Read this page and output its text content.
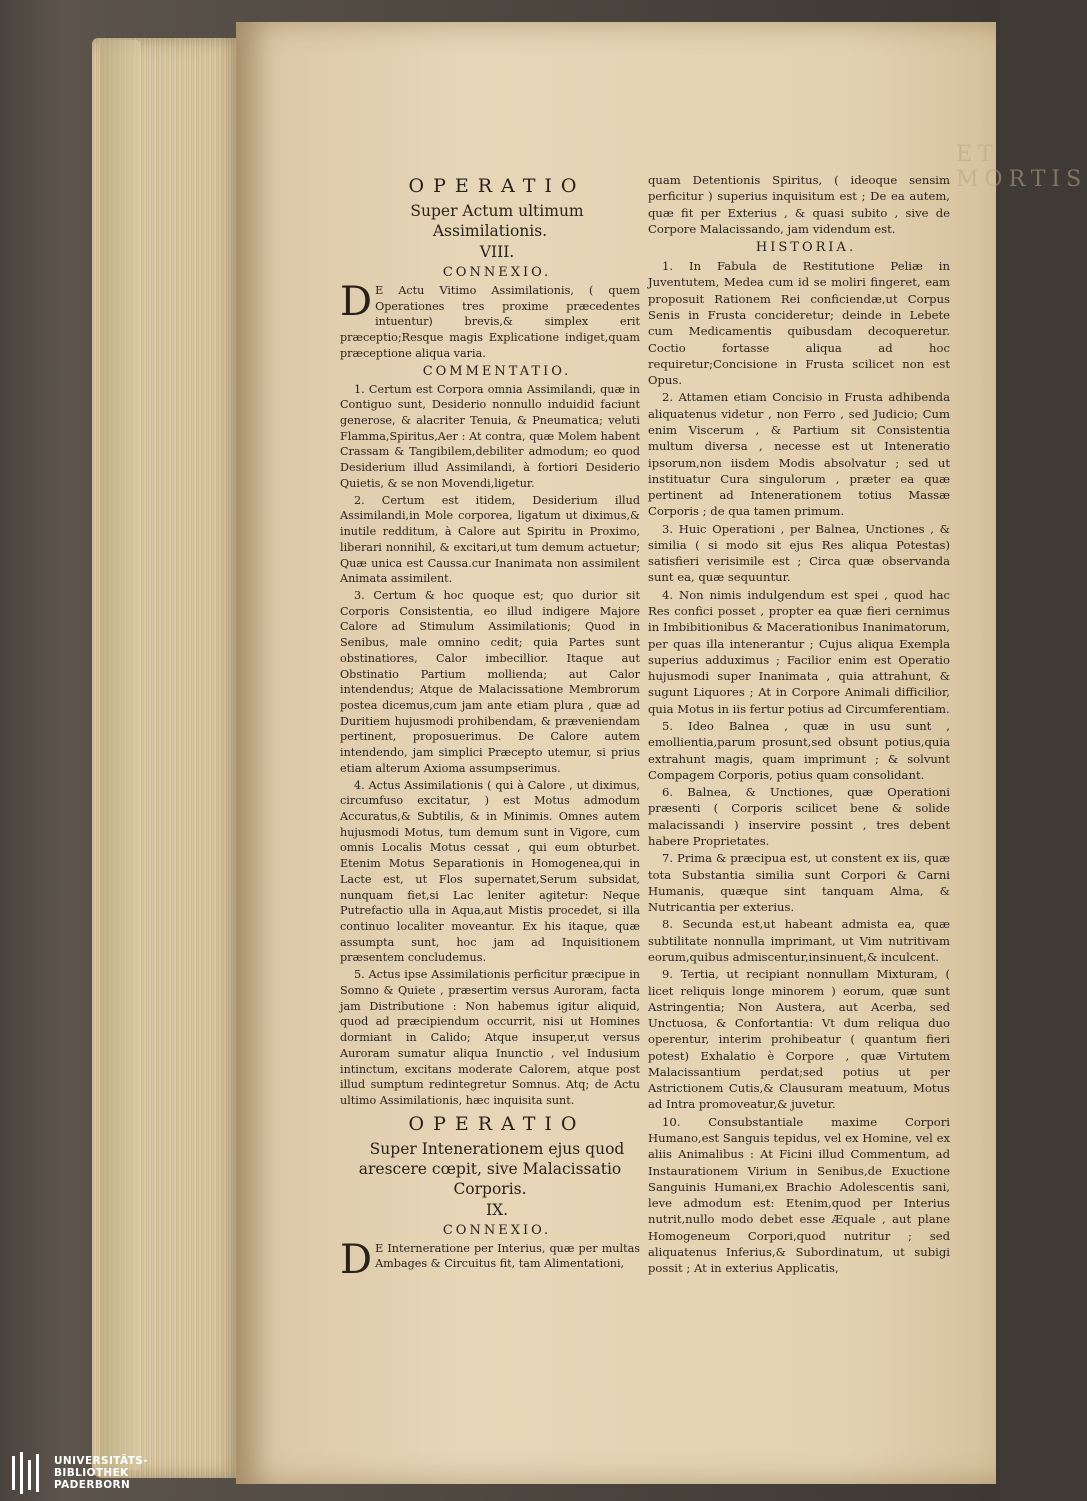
ET MORTIS

OPERATIO

Super Actum ultimum Assimilationis.

VIII.

CONNEXIO.

D E Actu Vitimo Assimilationis, ( quem Operationes tres proxime præcedentes intuentur) brevis,& simplex erit præceptio;Resque magis Explicatione indiget,quam præceptione aliqua varia.

COMMENTATIO.

1. Certum est Corpora omnia Assimilandi, quæ in Contiguo sunt, Desiderio nonnullo induidid faciunt generose, & alacriter Tenuia, & Pneumatica; veluti Flamma,Spiritus,Aer : At contra, quæ Molem habent Crassam & Tangibilem,debiliter admodum; eo quod Desiderium illud Assimilandi, à fortiori Desiderio Quietis, & se non Movendi,ligetur.

2. Certum est itidem, Desiderium illud Assimilandi,in Mole corporea, ligatum ut diximus,& inutile redditum, à Calore aut Spiritu in Proximo, liberari nonnihil, & excitari,ut tum demum actuetur; Quæ unica est Caussa.cur Inanimata non assimilent Animata assimilent.

3. Certum & hoc quoque est; quo durior sit Corporis Consistentia, eo illud indigere Majore Calore ad Stimulum Assimilationis; Quod in Senibus, male omnino cedit; quia Partes sunt obstinatiores, Calor imbecillior. Itaque aut Obstinatio Partium mollienda; aut Calor intendendus; Atque de Malacissatione Membrorum postea dicemus,cum jam ante etiam plura , quæ ad Duritiem hujusmodi prohibendam, & præveniendam pertinent, proposuerimus. De Calore autem intendendo, jam simplici Præcepto utemur, si prius etiam alterum Axioma assumpserimus.

4. Actus Assimilationis ( qui à Calore , ut diximus, circumfuso excitatur, ) est Motus admodum Accuratus,& Subtilis, & in Minimis. Omnes autem hujusmodi Motus, tum demum sunt in Vigore, cum omnis Localis Motus cessat , qui eum obturbet. Etenim Motus Separationis in Homogenea,qui in Lacte est, ut Flos supernatet,Serum subsidat, nunquam fiet,si Lac leniter agitetur: Neque Putrefactio ulla in Aqua,aut Mistis procedet, si illa continuo localiter moveantur. Ex his itaque, quæ assumpta sunt, hoc jam ad Inquisitionem præsentem concludemus.

5. Actus ipse Assimilationis perficitur præcipue in Somno & Quiete , præsertim versus Auroram, facta jam Distributione : Non habemus igitur aliquid, quod ad præcipiendum occurrit, nisi ut Homines dormiant in Calido; Atque insuper,ut versus Auroram sumatur aliqua Inunctio , vel Indusium intinctum, excitans moderate Calorem, atque post illud sumptum redintegretur Somnus. Atq; de Actu ultimo Assimilationis, hæc inquisita sunt.

OPERATIO

Super Intenerationem ejus quod arescere cœpit, sive Malacissatio Corporis.

IX.

CONNEXIO.

D E Interneratione per Interius, quæ per multas Ambages & Circuitus fit, tam Alimentationi,

quam Detentionis Spiritus, ( ideoque sensim perficitur ) superius inquisitum est ; De ea autem, quæ fit per Exterius , & quasi subito , sive de Corpore Malacissando, jam videndum est.

HISTORIA.

1. In Fabula de Restitutione Peliæ in Juventutem, Medea cum id se moliri fingeret, eam proposuit Rationem Rei conficiendæ,ut Corpus Senis in Frusta concideretur; deinde in Lebete cum Medicamentis quibusdam decoqueretur. Coctio fortasse aliqua ad hoc requiretur;Concisione in Frusta scilicet non est Opus.

2. Attamen etiam Concisio in Frusta adhibenda aliquatenus videtur , non Ferro , sed Judicio; Cum enim Viscerum , & Partium sit Consistentia multum diversa , necesse est ut Inteneratio ipsorum,non iisdem Modis absolvatur ; sed ut instituatur Cura singulorum , præter ea quæ pertinent ad Intenerationem totius Massæ Corporis ; de qua tamen primum.

3. Huic Operationi , per Balnea, Unctiones , & similia ( si modo sit ejus Res aliqua Potestas) satisfieri verisimile est ; Circa quæ observanda sunt ea, quæ sequuntur.

4. Non nimis indulgendum est spei , quod hac Res confici posset , propter ea quæ fieri cernimus in Imbibitionibus & Macerationibus Inanimatorum, per quas illa intenerantur ; Cujus aliqua Exempla superius adduximus ; Facilior enim est Operatio hujusmodi super Inanimata , quia attrahunt, & sugunt Liquores ; At in Corpore Animali difficilior, quia Motus in iis fertur potius ad Circumferentiam.

5. Ideo Balnea , quæ in usu sunt , emollientia,parum prosunt,sed obsunt potius,quia extrahunt magis, quam imprimunt ; & solvunt Compagem Corporis, potius quam consolidant.

6. Balnea, & Unctiones, quæ Operationi præsenti ( Corporis scilicet bene & solide malacissandi ) inservire possint , tres debent habere Proprietates.

7. Prima & præcipua est, ut constent ex iis, quæ tota Substantia similia sunt Corpori & Carni Humanis, quæque sint tanquam Alma, & Nutricantia per exterius.

8. Secunda est,ut habeant admista ea, quæ subtilitate nonnulla imprimant, ut Vim nutritivam eorum,quibus admiscentur,insinuent,& inculcent.

9. Tertia, ut recipiant nonnullam Mixturam, ( licet reliquis longe minorem ) eorum, quæ sunt Astringentia; Non Austera, aut Acerba, sed Unctuosa, & Confortantia: Vt dum reliqua duo operentur, interim prohibeatur ( quantum fieri potest) Exhalatio è Corpore , quæ Virtutem Malacissantium perdat;sed potius ut per Astrictionem Cutis,& Clausuram meatuum, Motus ad Intra promoveatur,& juvetur.

10. Consubstantiale maxime Corpori Humano,est Sanguis tepidus, vel ex Homine, vel ex aliis Animalibus : At Ficini illud Commentum, ad Instaurationem Virium in Senibus,de Exuctione Sanguinis Humani,ex Brachio Adolescentis sani, leve admodum est: Etenim,quod per Interius nutrit,nullo modo debet esse Æquale , aut plane Homogeneum Corpori,quod nutritur ; sed aliquatenus Inferius,& Subordinatum, ut subigi possit ; At in exterius Applicatis,

UNIVERSITÄTS-
BIBLIOTHEK
PADERBORN
